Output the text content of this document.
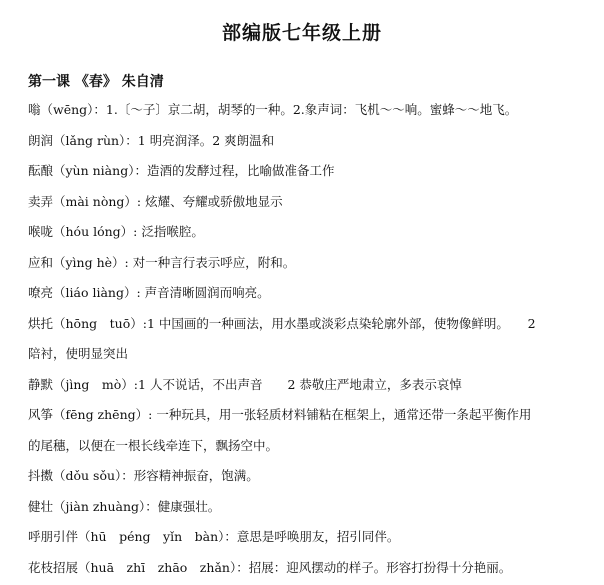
部编版七年级上册
第一课 《春》 朱自清
嗡（wēng）：1.〔～子〕京二胡，胡琴的一种。2.象声词：飞机～～响。蜜蜂～～地飞。
朗润（lǎng rùn）：1 明亮润泽。2 爽朗温和
酝酿（yùn niàng）：造酒的发酵过程，比喻做准备工作
卖弄（mài nòng）: 炫耀、夸耀或骄傲地显示
喉咙（hóu lóng）: 泛指喉腔。
应和（yìng hè）: 对一种言行表示呼应，附和。
嘹亮（liáo liàng）: 声音清晰圆润而响亮。
烘托（hōng　tuō）:1 中国画的一种画法，用水墨或淡彩点染轮廓外部，使物像鲜明。　　2
陪衬，使明显突出
静默（jìng　mò）:1 人不说话，不出声音　　2 恭敬庄严地肃立，多表示哀悼
风筝（fēng zhēng）: 一种玩具，用一张轻质材料铺粘在框架上，通常还带一条起平衡作用
的尾穗，以便在一根长线牵连下，飘扬空中。
抖擞（dǒu sǒu）：形容精神振奋，饱满。
健壮（jiàn zhuàng）：健康强壮。
呼朋引伴（hū　péng　yǐn　bàn）：意思是呼唤朋友，招引同伴。
花枝招展（huā　zhī　zhāo　zhǎn）：招展：迎风摆动的样子。形容打扮得十分艳丽。
